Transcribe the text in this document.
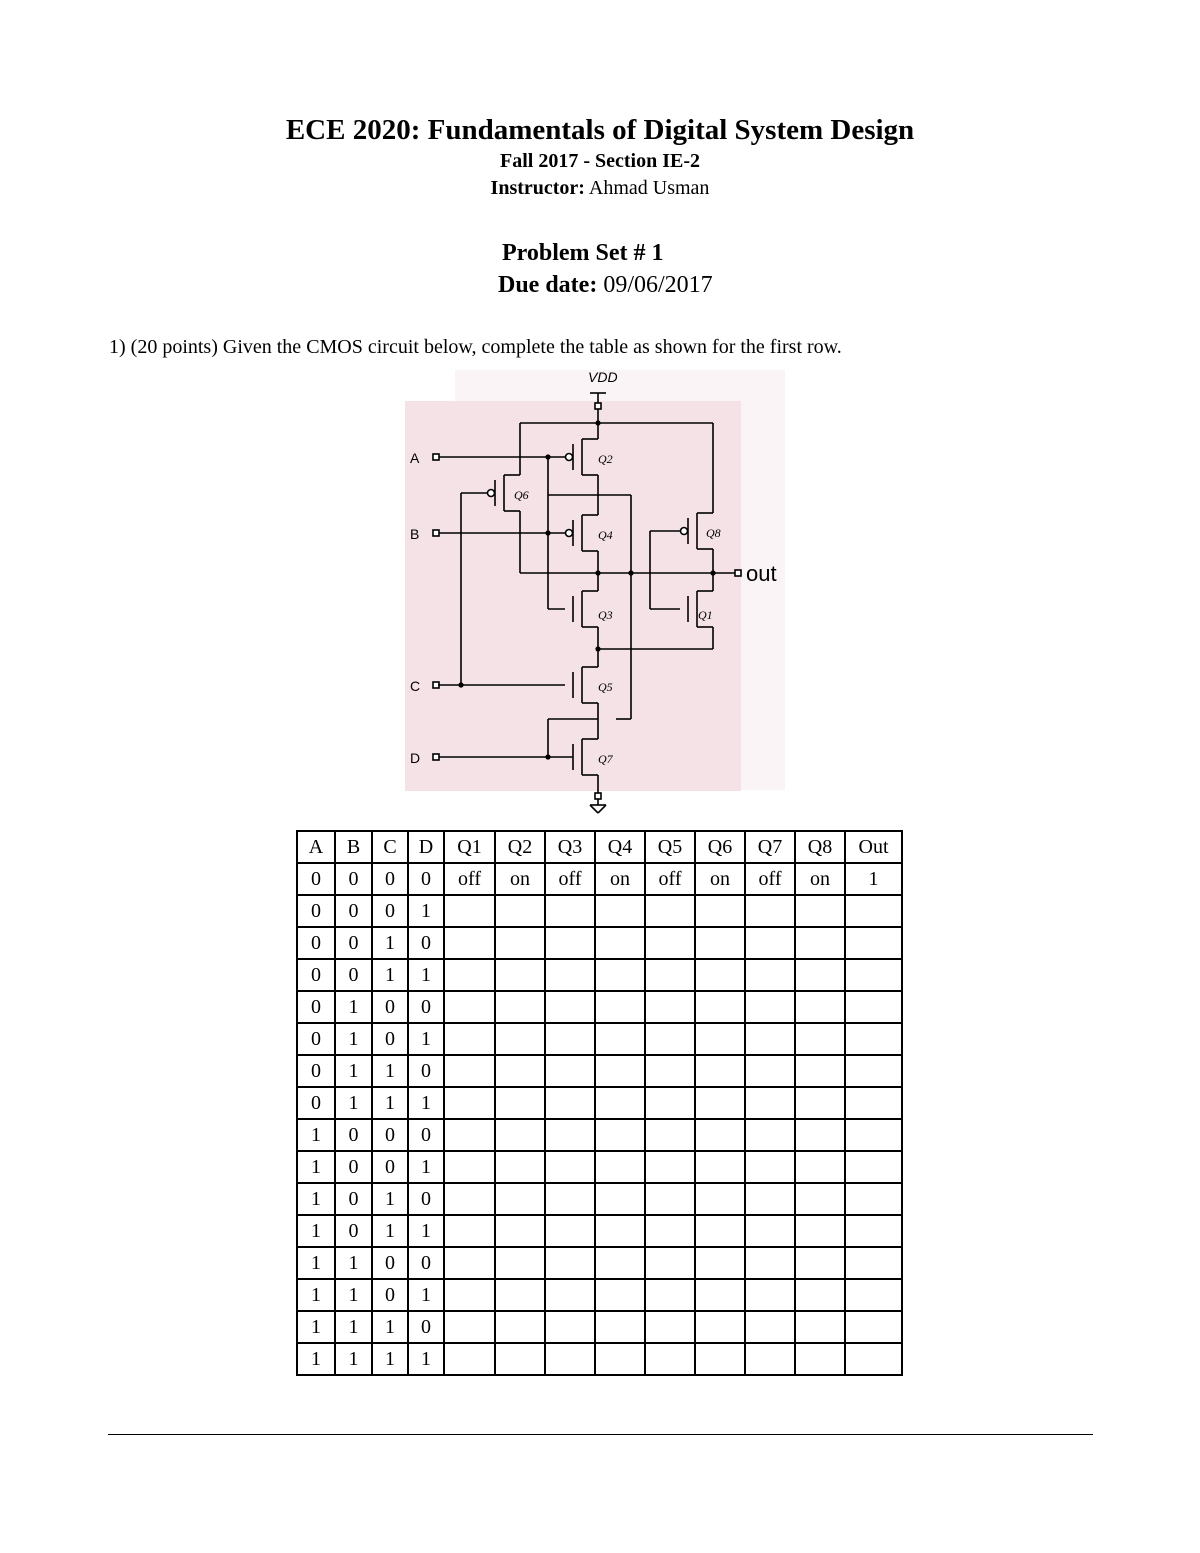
ECE 2020: Fundamentals of Digital System Design
Fall 2017 - Section IE-2
Instructor: Ahmad Usman
Problem Set # 1
Due date: 09/06/2017
1) (20 points) Given the CMOS circuit below, complete the table as shown for the first row.
VDD
A
B
C
D
out
Q1
Q2
Q3
Q4
Q5
Q6
Q7
Q8
A	B	C	D	Q1	Q2	Q3	Q4	Q5	Q6	Q7	Q8	Out
0	0	0	0	off	on	off	on	off	on	off	on	1
0	0	0	1									
0	0	1	0									
0	0	1	1									
0	1	0	0									
0	1	0	1									
0	1	1	0									
0	1	1	1									
1	0	0	0									
1	0	0	1									
1	0	1	0									
1	0	1	1									
1	1	0	0									
1	1	0	1									
1	1	1	0									
1	1	1	1									
